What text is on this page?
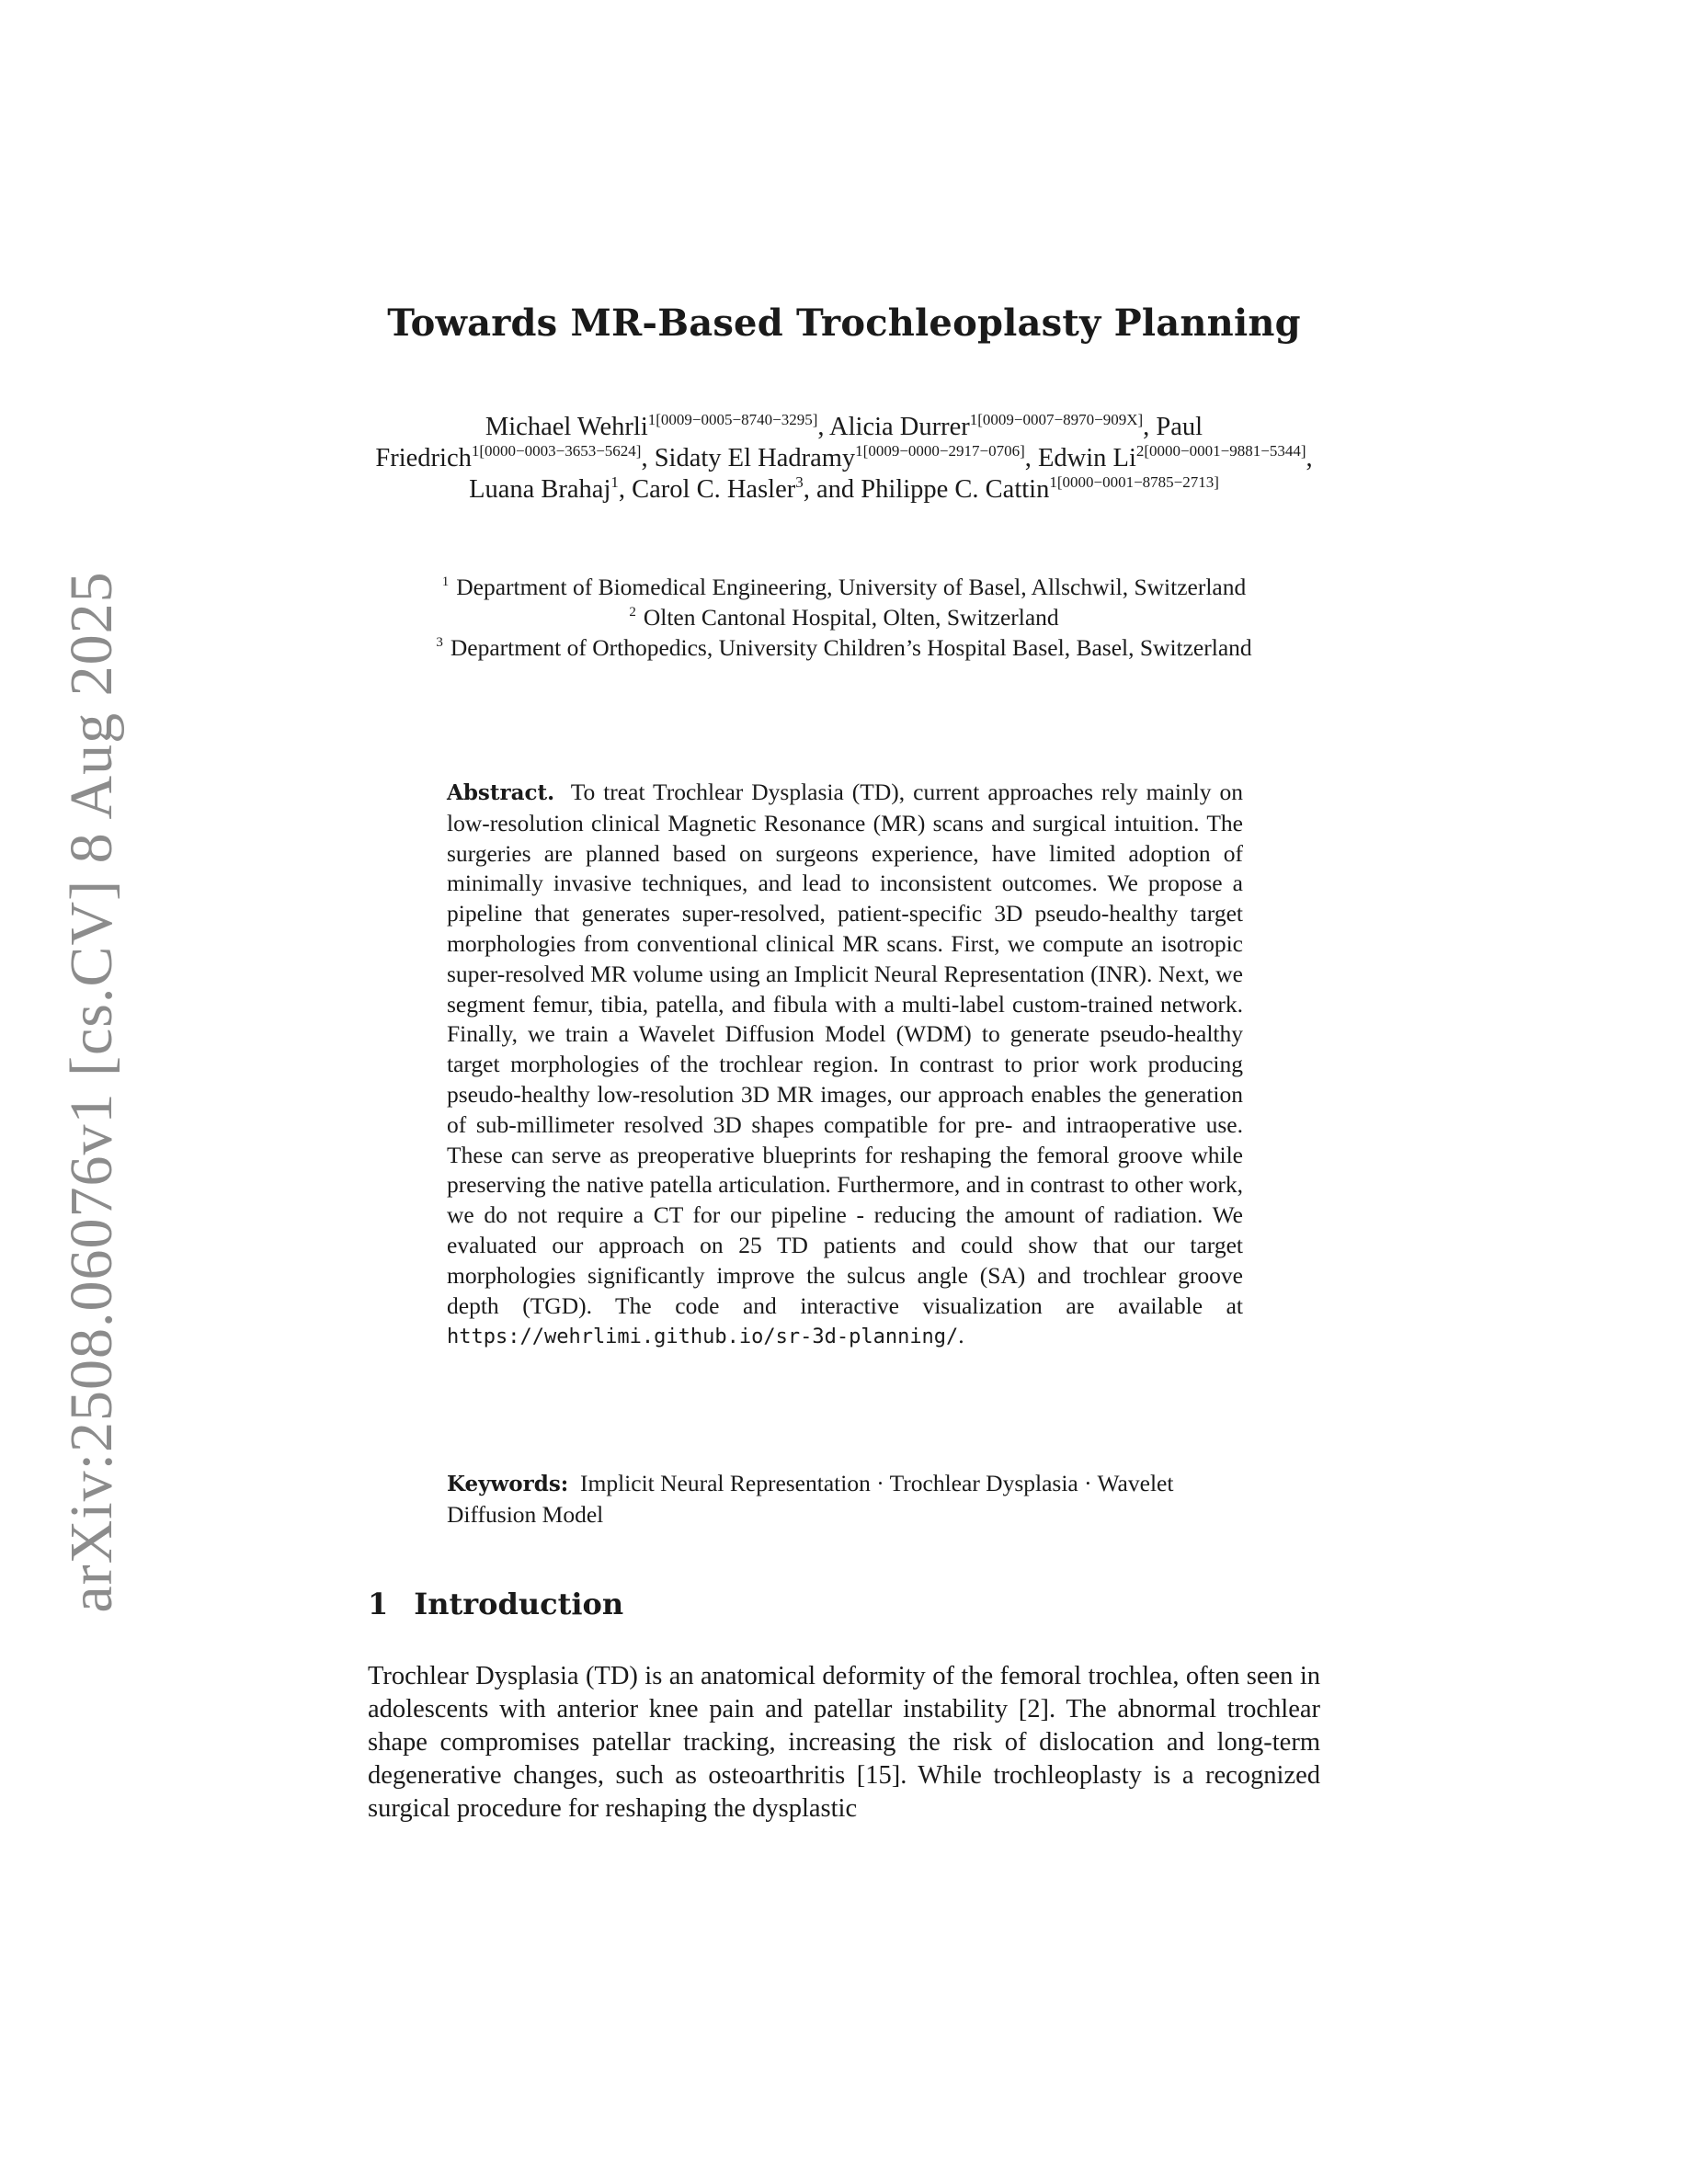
arXiv:2508.06076v1 [cs.CV] 8 Aug 2025
Towards MR-Based Trochleoplasty Planning
Michael Wehrli$^{1[0009-0005-8740-3295]}$, Alicia Durrer$^{1[0009-0007-8970-909X]}$, Paul Friedrich$^{1[0000-0003-3653-5624]}$, Sidaty El Hadramy$^{1[0009-0000-2917-0706]}$, Edwin $Li^{2[0000-0001-9881-5344]}$, Luana Brahaj$^1$, Carol C. Hasler$^3$, and Philippe C. Cattin$^{1[0000-0001-8785-2713]}$
$^1$ Department of Biomedical Engineering, University of Basel, Allschwil, Switzerland
$^2$ Olten Cantonal Hospital, Olten, Switzerland
$^3$ Department of Orthopedics, University Children’s Hospital Basel, Basel, Switzerland

Abstract. To treat Trochlear Dysplasia (TD), current approaches rely mainly on low-resolution clinical Magnetic Resonance (MR) scans and surgical intuition. The surgeries are planned based on surgeons experience, have limited adoption of minimally invasive techniques, and lead to inconsistent outcomes. We propose a pipeline that generates super-resolved, patient-specific 3D pseudo-healthy target morphologies from conventional clinical MR scans. First, we compute an isotropic super-resolved MR volume using an Implicit Neural Representation (INR). Next, we segment femur, tibia, patella, and fibula with a multi-label custom-trained network. Finally, we train a Wavelet Diffusion Model (WDM) to generate pseudo-healthy target morphologies of the trochlear region. In contrast to prior work producing pseudo-healthy low-resolution 3D MR images, our approach enables the generation of sub-millimeter resolved 3D shapes compatible for pre- and intraoperative use. These can serve as preoperative blueprints for reshaping the femoral groove while preserving the native patella articulation. Furthermore, and in contrast to other work, we do not require a CT for our pipeline - reducing the amount of radiation. We evaluated our approach on 25 TD patients and could show that our target morphologies significantly improve the sulcus angle (SA) and trochlear groove depth (TGD). The code and interactive visualization are available at https://wehrlimi.github.io/sr-3d-planning/.

Keywords: Implicit Neural Representation · Trochlear Dysplasia · Wavelet Diffusion Model

1 Introduction

Trochlear Dysplasia (TD) is an anatomical deformity of the femoral trochlea, often seen in adolescents with anterior knee pain and patellar instability [2]. The abnormal trochlear shape compromises patellar tracking, increasing the risk of dislocation and long-term degenerative changes, such as osteoarthritis [15]. While trochleoplasty is a recognized surgical procedure for reshaping the dysplastic
